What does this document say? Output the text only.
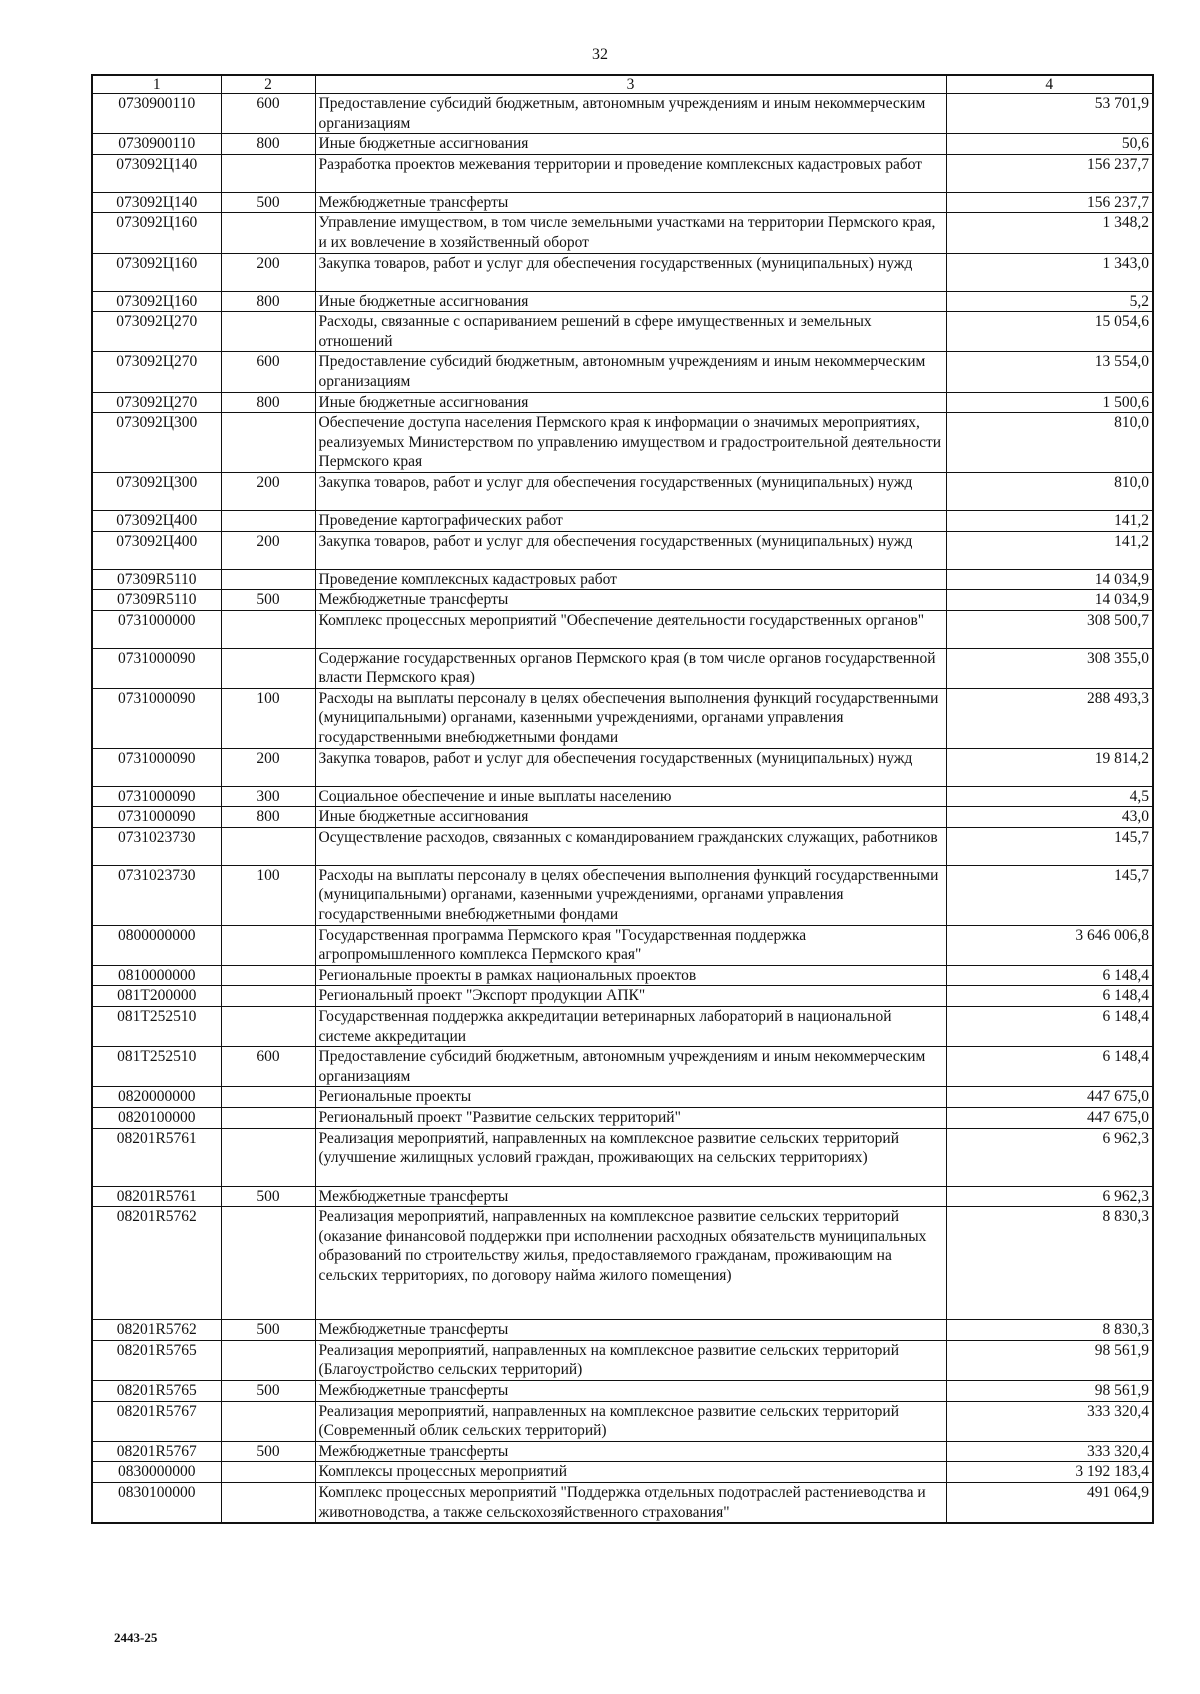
32
1	2	3	4
0730900110	600	Предоставление субсидий бюджетным, автономным учреждениям и иным некоммерческим организациям	53 701,9
0730900110	800	Иные бюджетные ассигнования	50,6
073092Ц140		Разработка проектов межевания территории и проведение комплексных кадастровых работ	156 237,7
073092Ц140	500	Межбюджетные трансферты	156 237,7
073092Ц160		Управление имуществом, в том числе земельными участками на территории Пермского края, и их вовлечение в хозяйственный оборот	1 348,2
073092Ц160	200	Закупка товаров, работ и услуг для обеспечения государственных (муниципальных) нужд	1 343,0
073092Ц160	800	Иные бюджетные ассигнования	5,2
073092Ц270		Расходы, связанные с оспариванием решений в сфере имущественных и земельных отношений	15 054,6
073092Ц270	600	Предоставление субсидий бюджетным, автономным учреждениям и иным некоммерческим организациям	13 554,0
073092Ц270	800	Иные бюджетные ассигнования	1 500,6
073092Ц300		Обеспечение доступа населения Пермского края к информации о значимых мероприятиях, реализуемых Министерством по управлению имуществом и градостроительной деятельности Пермского края	810,0
073092Ц300	200	Закупка товаров, работ и услуг для обеспечения государственных (муниципальных) нужд	810,0
073092Ц400		Проведение картографических работ	141,2
073092Ц400	200	Закупка товаров, работ и услуг для обеспечения государственных (муниципальных) нужд	141,2
07309R5110		Проведение комплексных кадастровых работ	14 034,9
07309R5110	500	Межбюджетные трансферты	14 034,9
0731000000		Комплекс процессных мероприятий "Обеспечение деятельности государственных органов"	308 500,7
0731000090		Содержание государственных органов Пермского края (в том числе органов государственной власти Пермского края)	308 355,0
0731000090	100	Расходы на выплаты персоналу в целях обеспечения выполнения функций государственными (муниципальными) органами, казенными учреждениями, органами управления государственными внебюджетными фондами	288 493,3
0731000090	200	Закупка товаров, работ и услуг для обеспечения государственных (муниципальных) нужд	19 814,2
0731000090	300	Социальное обеспечение и иные выплаты населению	4,5
0731000090	800	Иные бюджетные ассигнования	43,0
0731023730		Осуществление расходов, связанных с командированием гражданских служащих, работников	145,7
0731023730	100	Расходы на выплаты персоналу в целях обеспечения выполнения функций государственными (муниципальными) органами, казенными учреждениями, органами управления государственными внебюджетными фондами	145,7
0800000000		Государственная программа Пермского края "Государственная поддержка агропромышленного комплекса Пермского края"	3 646 006,8
0810000000		Региональные проекты в рамках национальных проектов	6 148,4
081Т200000		Региональный проект "Экспорт продукции АПК"	6 148,4
081Т252510		Государственная поддержка аккредитации ветеринарных лабораторий в национальной системе аккредитации	6 148,4
081Т252510	600	Предоставление субсидий бюджетным, автономным учреждениям и иным некоммерческим организациям	6 148,4
0820000000		Региональные проекты	447 675,0
0820100000		Региональный проект "Развитие сельских территорий"	447 675,0
08201R5761		Реализация мероприятий, направленных на комплексное развитие сельских территорий (улучшение жилищных условий граждан, проживающих на сельских территориях)	6 962,3
08201R5761	500	Межбюджетные трансферты	6 962,3
08201R5762		Реализация мероприятий, направленных на комплексное развитие сельских территорий (оказание финансовой поддержки при исполнении расходных обязательств муниципальных образований по строительству жилья, предоставляемого гражданам, проживающим на сельских территориях, по договору найма жилого помещения)	8 830,3
08201R5762	500	Межбюджетные трансферты	8 830,3
08201R5765		Реализация мероприятий, направленных на комплексное развитие сельских территорий (Благоустройство сельских территорий)	98 561,9
08201R5765	500	Межбюджетные трансферты	98 561,9
08201R5767		Реализация мероприятий, направленных на комплексное развитие сельских территорий (Современный облик сельских территорий)	333 320,4
08201R5767	500	Межбюджетные трансферты	333 320,4
0830000000		Комплексы процессных мероприятий	3 192 183,4
0830100000		Комплекс процессных мероприятий "Поддержка отдельных подотраслей растениеводства и животноводства, а также сельскохозяйственного страхования"	491 064,9
2443-25
